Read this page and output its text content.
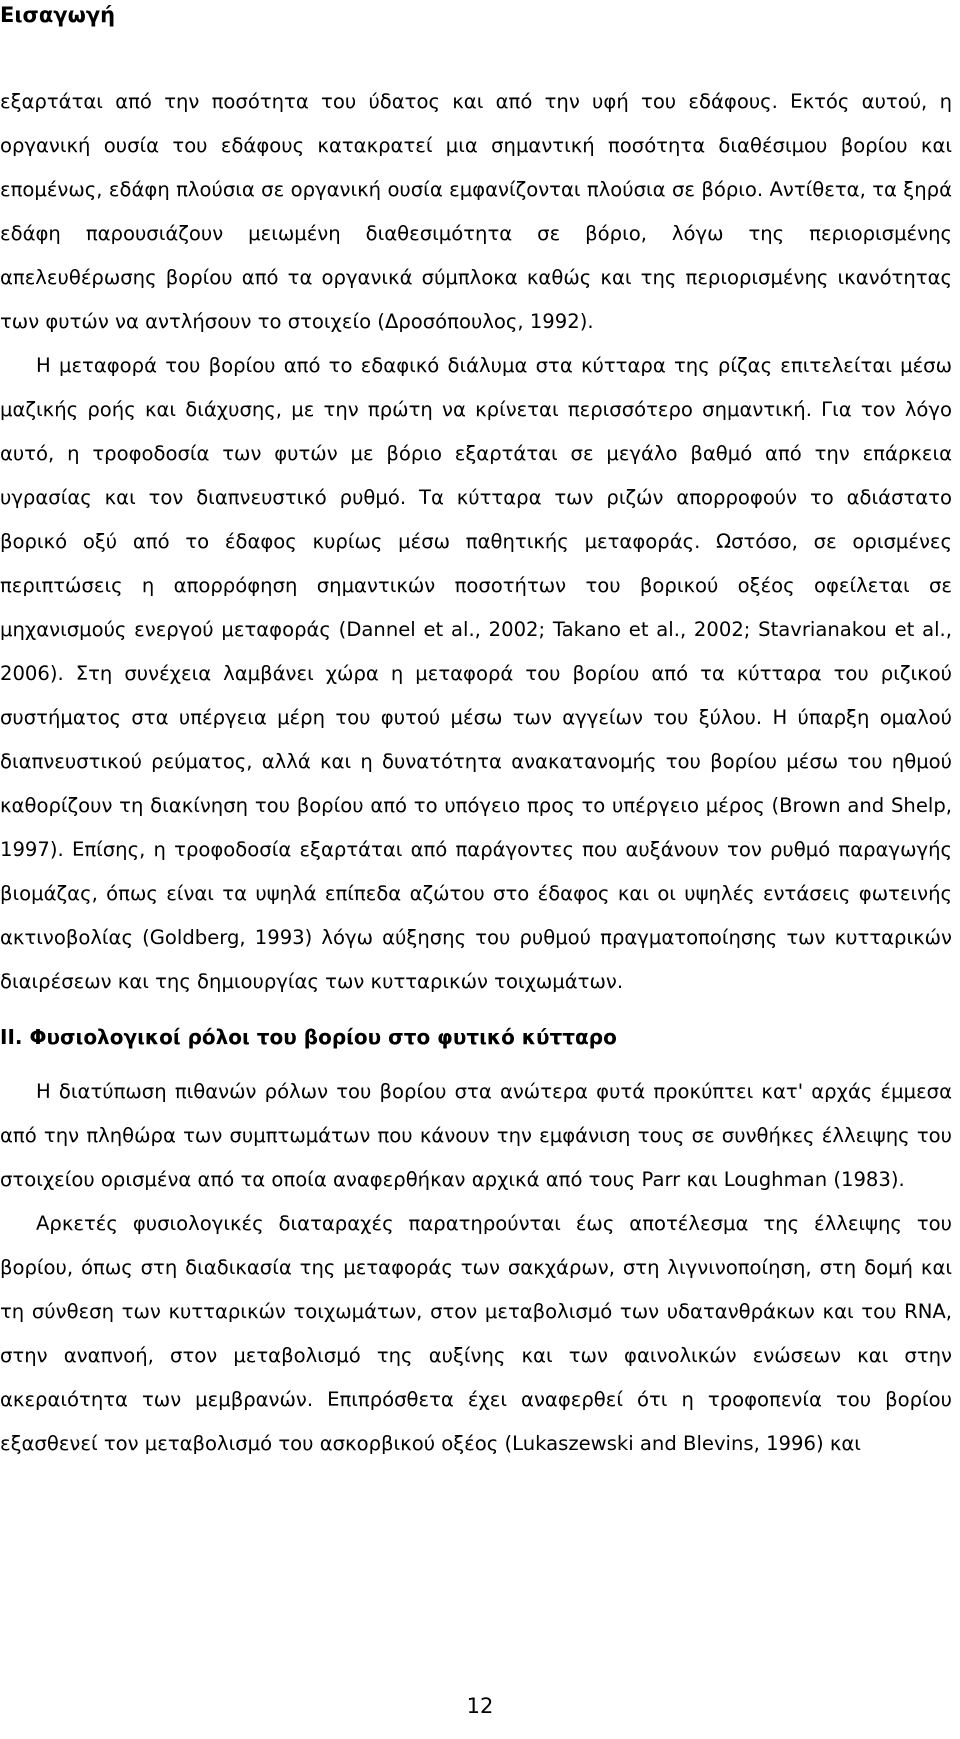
Εισαγωγή

εξαρτάται από την ποσότητα του ύδατος και από την υφή του εδάφους. Εκτός αυτού, η οργανική ουσία του εδάφους κατακρατεί μια σημαντική ποσότητα διαθέσιμου βορίου και επομένως, εδάφη πλούσια σε οργανική ουσία εμφανίζονται πλούσια σε βόριο. Αντίθετα, τα ξηρά εδάφη παρουσιάζουν μειωμένη διαθεσιμότητα σε βόριο, λόγω της περιορισμένης απελευθέρωσης βορίου από τα οργανικά σύμπλοκα καθώς και της περιορισμένης ικανότητας των φυτών να αντλήσουν το στοιχείο (Δροσόπουλος, 1992).

Η μεταφορά του βορίου από το εδαφικό διάλυμα στα κύτταρα της ρίζας επιτελείται μέσω μαζικής ροής και διάχυσης, με την πρώτη να κρίνεται περισσότερο σημαντική. Για τον λόγο αυτό, η τροφοδοσία των φυτών με βόριο εξαρτάται σε μεγάλο βαθμό από την επάρκεια υγρασίας και τον διαπνευστικό ρυθμό. Τα κύτταρα των ριζών απορροφούν το αδιάστατο βορικό οξύ από το έδαφος κυρίως μέσω παθητικής μεταφοράς. Ωστόσο, σε ορισμένες περιπτώσεις η απορρόφηση σημαντικών ποσοτήτων του βορικού οξέος οφείλεται σε μηχανισμούς ενεργού μεταφοράς (Dannel et al., 2002; Takano et al., 2002; Stavrianakou et al., 2006). Στη συνέχεια λαμβάνει χώρα η μεταφορά του βορίου από τα κύτταρα του ριζικού συστήματος στα υπέργεια μέρη του φυτού μέσω των αγγείων του ξύλου. Η ύπαρξη ομαλού διαπνευστικού ρεύματος, αλλά και η δυνατότητα ανακατανομής του βορίου μέσω του ηθμού καθορίζουν τη διακίνηση του βορίου από το υπόγειο προς το υπέργειο μέρος (Brown and Shelp, 1997). Επίσης, η τροφοδοσία εξαρτάται από παράγοντες που αυξάνουν τον ρυθμό παραγωγής βιομάζας, όπως είναι τα υψηλά επίπεδα αζώτου στο έδαφος και οι υψηλές εντάσεις φωτεινής ακτινοβολίας (Goldberg, 1993) λόγω αύξησης του ρυθμού πραγματοποίησης των κυτταρικών διαιρέσεων και της δημιουργίας των κυτταρικών τοιχωμάτων.

II. Φυσιολογικοί ρόλοι του βορίου στο φυτικό κύτταρο

Η διατύπωση πιθανών ρόλων του βορίου στα ανώτερα φυτά προκύπτει κατ' αρχάς έμμεσα από την πληθώρα των συμπτωμάτων που κάνουν την εμφάνιση τους σε συνθήκες έλλειψης του στοιχείου ορισμένα από τα οποία αναφερθήκαν αρχικά από τους Parr και Loughman (1983).

Αρκετές φυσιολογικές διαταραχές παρατηρούνται έως αποτέλεσμα της έλλειψης του βορίου, όπως στη διαδικασία της μεταφοράς των σακχάρων, στη λιγνινοποίηση, στη δομή και τη σύνθεση των κυτταρικών τοιχωμάτων, στον μεταβολισμό των υδατανθράκων και του RNA, στην αναπνοή, στον μεταβολισμό της αυξίνης και των φαινολικών ενώσεων και στην ακεραιότητα των μεμβρανών. Επιπρόσθετα έχει αναφερθεί ότι η τροφοπενία του βορίου εξασθενεί τον μεταβολισμό του ασκορβικού οξέος (Lukaszewski and Blevins, 1996) και

12
